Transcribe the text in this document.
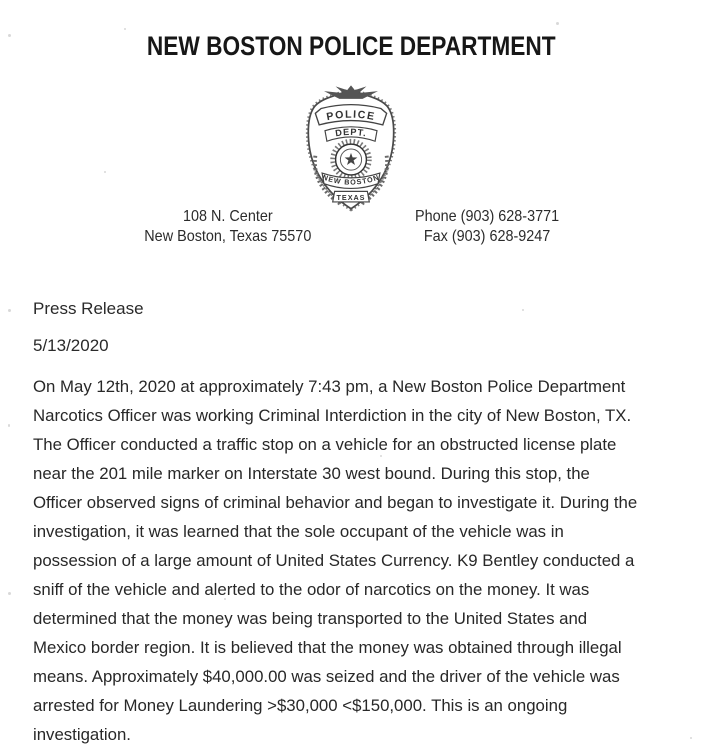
NEW BOSTON POLICE DEPARTMENT
POLICE
DEPT.
NEW BOSTON
TEXAS
108 N. Center
New Boston, Texas 75570
Phone (903) 628-3771
Fax (903) 628-9247
Press Release
5/13/2020
On May 12th, 2020 at approximately 7:43 pm, a New Boston Police Department
Narcotics Officer was working Criminal Interdiction in the city of New Boston, TX.
The Officer conducted a traffic stop on a vehicle for an obstructed license plate
near the 201 mile marker on Interstate 30 west bound. During this stop, the
Officer observed signs of criminal behavior and began to investigate it. During the
investigation, it was learned that the sole occupant of the vehicle was in
possession of a large amount of United States Currency. K9 Bentley conducted a
sniff of the vehicle and alerted to the odor of narcotics on the money. It was
determined that the money was being transported to the United States and
Mexico border region. It is believed that the money was obtained through illegal
means. Approximately $40,000.00 was seized and the driver of the vehicle was
arrested for Money Laundering >$30,000 <$150,000. This is an ongoing
investigation.
